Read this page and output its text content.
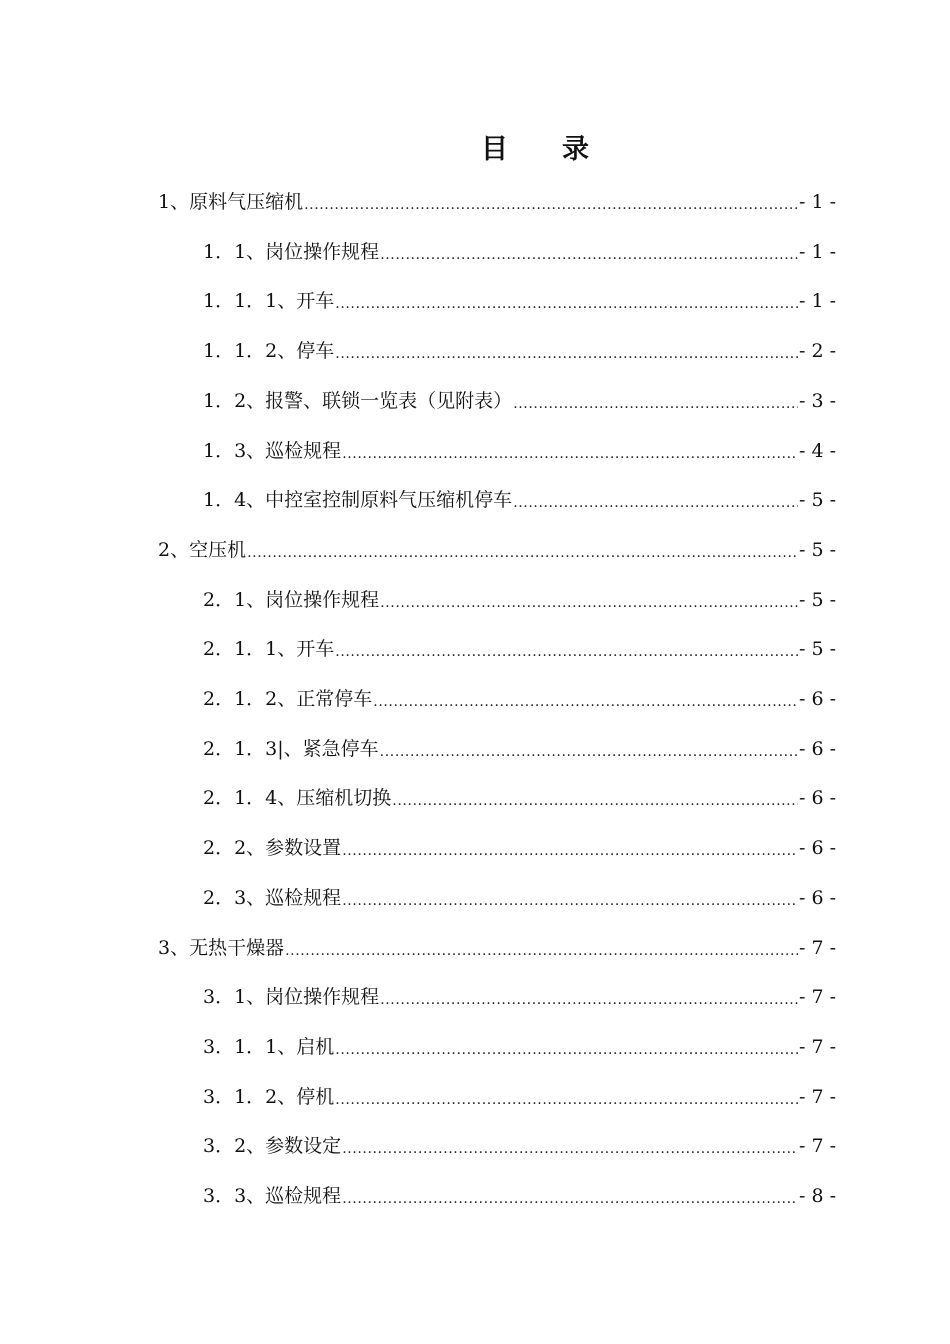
目　　录
1、原料气压缩机 .....	- 1 -
1．1、岗位操作规程 .....	- 1 -
1．1．1、开车 .....	- 1 -
1．1．2、停车 .....	- 2 -
1．2、报警、联锁一览表（见附表） .....	- 3 -
1．3、巡检规程 .....	- 4 -
1．4、中控室控制原料气压缩机停车 .....	- 5 -
2、空压机 .....	- 5 -
2．1、岗位操作规程 .....	- 5 -
2．1．1、开车 .....	- 5 -
2．1．2、正常停车 .....	- 6 -
2．1．3|、紧急停车 .....	- 6 -
2．1．4、压缩机切换 .....	- 6 -
2．2、参数设置 .....	- 6 -
2．3、巡检规程 .....	- 6 -
3、无热干燥器 .....	- 7 -
3．1、岗位操作规程 .....	- 7 -
3．1．1、启机 .....	- 7 -
3．1．2、停机 .....	- 7 -
3．2、参数设定 .....	- 7 -
3．3、巡检规程 .....	- 8 -
